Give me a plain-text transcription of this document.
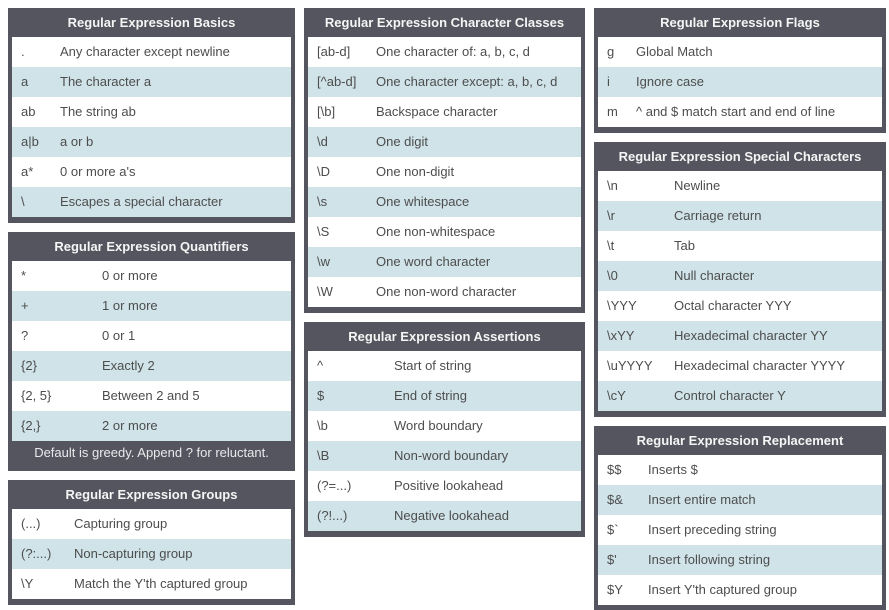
Regular Expression Basics
.	Any character except newline
a	The character a
ab	The string ab
a|b	a or b
a*	0 or more a's
\	Escapes a special character
Regular Expression Quantifiers
*	0 or more
+	1 or more
?	0 or 1
{2}	Exactly 2
{2, 5}	Between 2 and 5
{2,}	2 or more
Default is greedy. Append ? for reluctant.
Regular Expression Groups
(...)	Capturing group
(?:...)	Non-capturing group
\Y	Match the Y'th captured group
Regular Expression Character Classes
[ab-d]	One character of: a, b, c, d
[^ab-d]	One character except: a, b, c, d
[\b]	Backspace character
\d	One digit
\D	One non-digit
\s	One whitespace
\S	One non-whitespace
\w	One word character
\W	One non-word character
Regular Expression Assertions
^	Start of string
$	End of string
\b	Word boundary
\B	Non-word boundary
(?=...)	Positive lookahead
(?!...)	Negative lookahead
Regular Expression Flags
g	Global Match
i	Ignore case
m	^ and $ match start and end of line
Regular Expression Special Characters
\n	Newline
\r	Carriage return
\t	Tab
\0	Null character
\YYY	Octal character YYY
\xYY	Hexadecimal character YY
\uYYYY	Hexadecimal character YYYY
\cY	Control character Y
Regular Expression Replacement
$$	Inserts $
$&	Insert entire match
$`	Insert preceding string
$'	Insert following string
$Y	Insert Y'th captured group
